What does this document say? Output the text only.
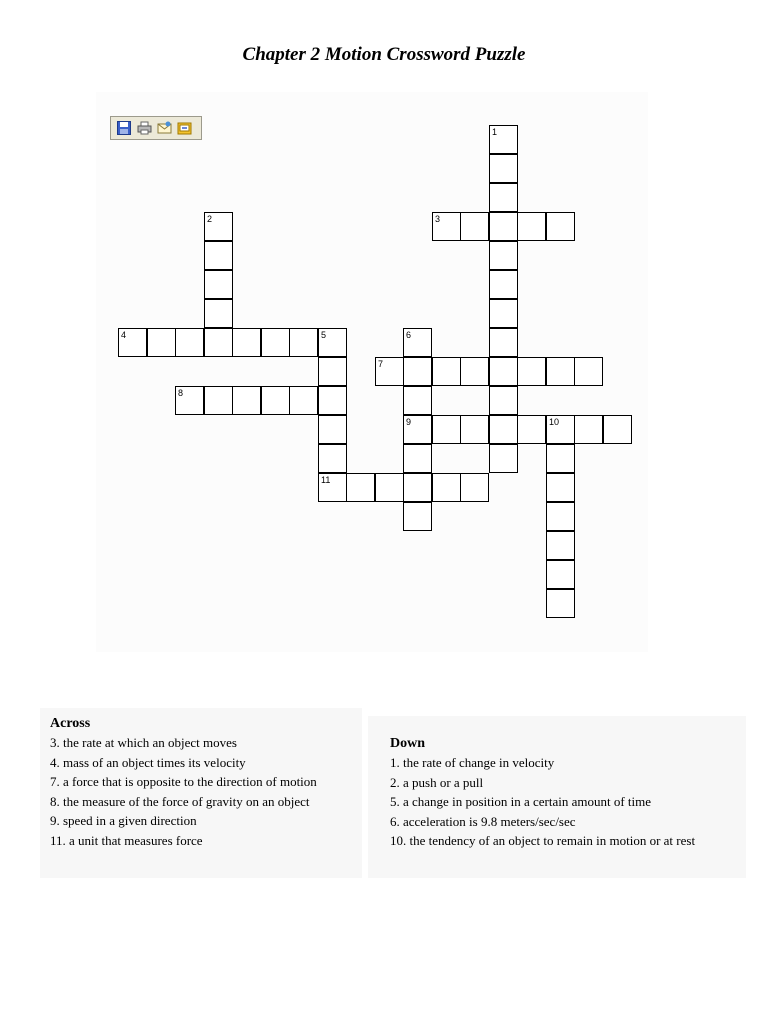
Chapter 2 Motion Crossword Puzzle
1
2	3
4	5
11
6
9
7
8
10
Across
3. the rate at which an object moves
4. mass of an object times its velocity
7. a force that is opposite to the direction of motion
8. the measure of the force of gravity on an object
9. speed in a given direction
11. a unit that measures force
Down
1. the rate of change in velocity
2. a push or a pull
5. a change in position in a certain amount of time
6. acceleration is 9.8 meters/sec/sec
10. the tendency of an object to remain in motion or at rest
